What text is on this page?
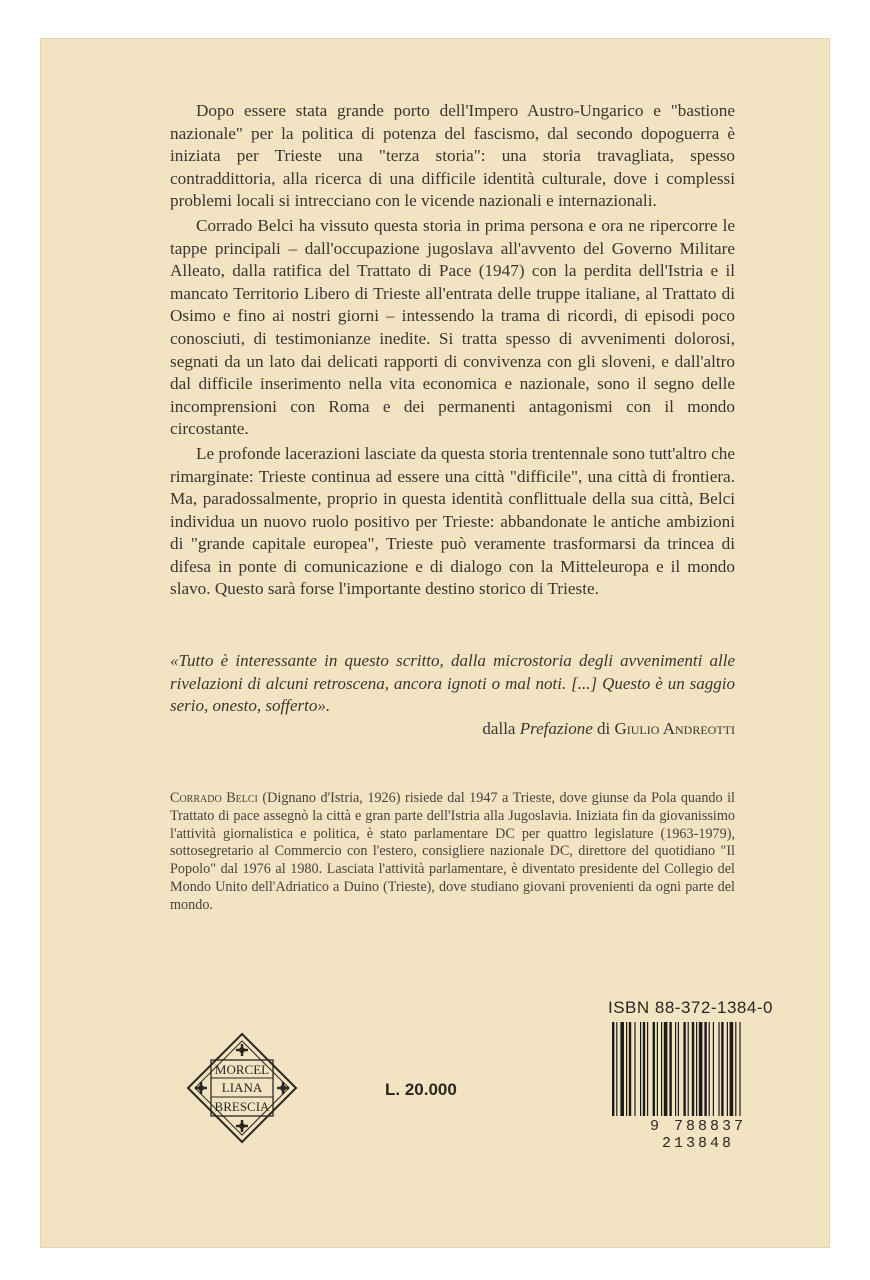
Dopo essere stata grande porto dell'Impero Austro-Ungarico e "bastione nazionale" per la politica di potenza del fascismo, dal secondo dopoguerra è iniziata per Trieste una "terza storia": una storia travagliata, spesso contraddittoria, alla ricerca di una difficile identità culturale, dove i complessi problemi locali si intrecciano con le vicende nazionali e internazionali.

Corrado Belci ha vissuto questa storia in prima persona e ora ne ripercorre le tappe principali – dall'occupazione jugoslava all'avvento del Governo Militare Alleato, dalla ratifica del Trattato di Pace (1947) con la perdita dell'Istria e il mancato Territorio Libero di Trieste all'entrata delle truppe italiane, al Trattato di Osimo e fino ai nostri giorni – intessendo la trama di ricordi, di episodi poco conosciuti, di testimonianze inedite. Si tratta spesso di avvenimenti dolorosi, segnati da un lato dai delicati rapporti di convivenza con gli sloveni, e dall'altro dal difficile inserimento nella vita economica e nazionale, sono il segno delle incomprensioni con Roma e dei permanenti antagonismi con il mondo circostante.

Le profonde lacerazioni lasciate da questa storia trentennale sono tutt'altro che rimarginate: Trieste continua ad essere una città "difficile", una città di frontiera. Ma, paradossalmente, proprio in questa identità conflittuale della sua città, Belci individua un nuovo ruolo positivo per Trieste: abbandonate le antiche ambizioni di "grande capitale europea", Trieste può veramente trasformarsi da trincea di difesa in ponte di comunicazione e di dialogo con la Mitteleuropa e il mondo slavo. Questo sarà forse l'importante destino storico di Trieste.

«Tutto è interessante in questo scritto, dalla microstoria degli avvenimenti alle rivelazioni di alcuni retroscena, ancora ignoti o mal noti. [...] Questo è un saggio serio, onesto, sofferto».
dalla Prefazione di Giulio Andreotti
Corrado Belci (Dignano d'Istria, 1926) risiede dal 1947 a Trieste, dove giunse da Pola quando il Trattato di pace assegnò la città e gran parte dell'Istria alla Jugoslavia. Iniziata fin da giovanissimo l'attività giornalistica e politica, è stato parlamentare DC per quattro legislature (1963-1979), sottosegretario al Commercio con l'estero, consigliere nazionale DC, direttore del quotidiano "Il Popolo" dal 1976 al 1980. Lasciata l'attività parlamentare, è diventato presidente del Collegio del Mondo Unito dell'Adriatico a Duino (Trieste), dove studiano giovani provenienti da ogni parte del mondo.
MORCEL
LIANA
BRESCIA
L. 20.000
ISBN 88-372-1384-0
9 788837 213848
